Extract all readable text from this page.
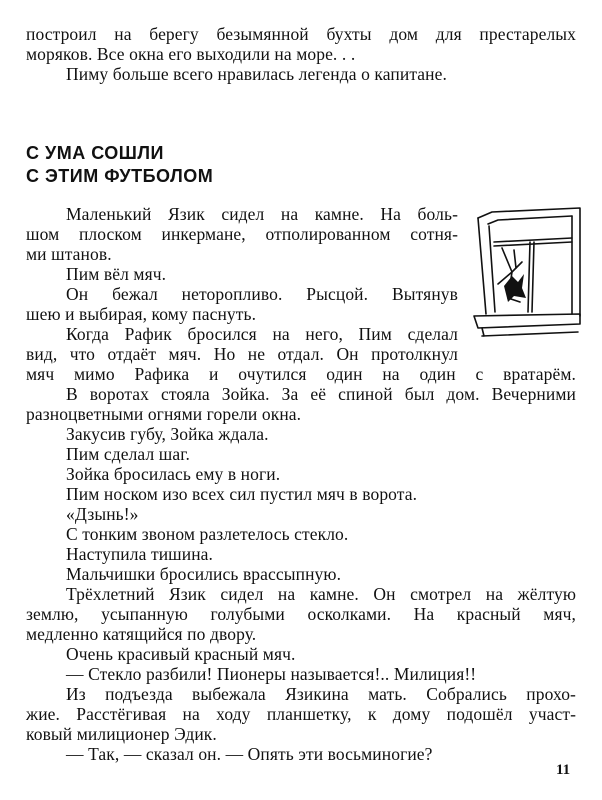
построил на берегу безымянной бухты дом для престарелых
моряков. Все окна его выходили на море. . .
Пиму больше всего нравилась легенда о капитане.
С УМА СОШЛИ
С ЭТИМ ФУТБОЛОМ
Маленький Язик сидел на камне. На боль-
шом плоском инкермане, отполированном сотня-
ми штанов.
Пим вёл мяч.
Он бежал неторопливо. Рысцой. Вытянув
шею и выбирая, кому паснуть.
Когда Рафик бросился на него, Пим сделал
вид, что отдаёт мяч. Но не отдал. Он протолкнул
мяч мимо Рафика и очутился один на один с вратарём.
В воротах стояла Зойка. За её спиной был дом. Вечерними
разноцветными огнями горели окна.
Закусив губу, Зойка ждала.
Пим сделал шаг.
Зойка бросилась ему в ноги.
Пим носком изо всех сил пустил мяч в ворота.
«Дзынь!»
С тонким звоном разлетелось стекло.
Наступила тишина.
Мальчишки бросились врассыпную.
Трёхлетний Язик сидел на камне. Он смотрел на жёлтую
землю, усыпанную голубыми осколками. На красный мяч,
медленно катящийся по двору.
Очень красивый красный мяч.
— Стекло разбили! Пионеры называется!.. Милиция!!
Из подъезда выбежала Язикина мать. Собрались прохо-
жие. Расстёгивая на ходу планшетку, к дому подошёл участ-
ковый милиционер Эдик.
— Так, — сказал он. — Опять эти восьминогие?
11
